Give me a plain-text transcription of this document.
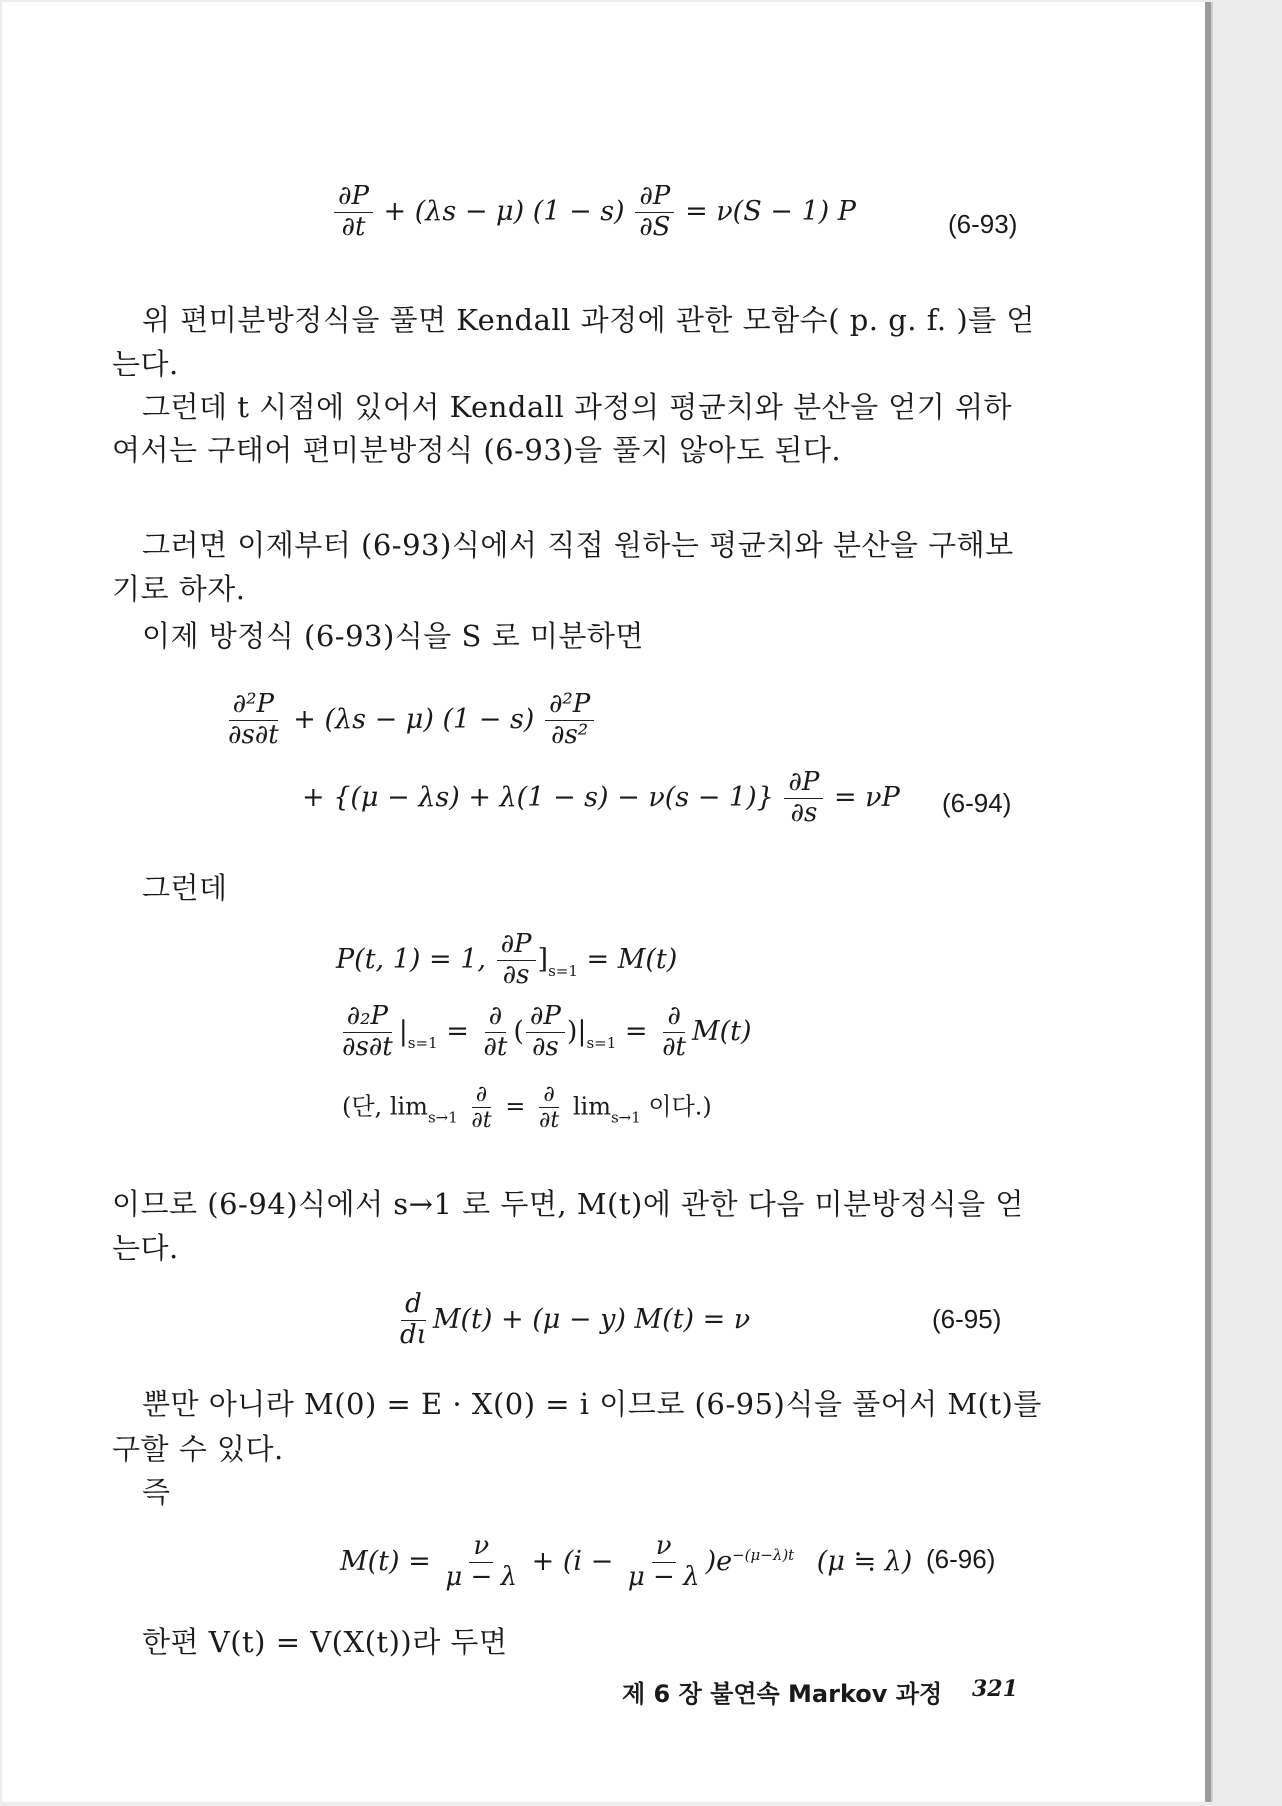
$\frac{\partial P}{\partial t} + (\lambda s - \mu) (1 - s) \frac{\partial P}{\partial S} = \nu(S - 1)$ P	(6-93)
위 편미분방정식을 풀면 Kendall 과정에 관한 모함수( p. g. f. )를 얻
는다.
그런데 t 시점에 있어서 Kendall 과정의 평균치와 분산을 얻기 위하
여서는 구태어 편미분방정식 (6-93)을 풀지 않아도 된다.
그러면 이제부터 (6-93)식에서 직접 원하는 평균치와 분산을 구해보
기로 하자.
이제 방정식 (6-93)식을 S 로 미분하면
$\frac{\text{∂²P}}{\partial s\partial t} + (\lambda s - \mu) (1 - s) \frac{\text{∂²P}}{\text{∂s²}}$
+ $\{(\mu - \lambda s) + \lambda(1 - s) - \nu(s - 1)\} \frac{\partial P}{\partial s} = \nu P$ (6-94)
그런데
P(t, 1) = 1, $\frac{\partial P}{\partial s} ]_{s=1} = M(t)$
$\frac{\text{∂₂P}}{\partial s\partial t} |_{s=1} = \frac{\partial}{\partial t}$ ( $\frac{\partial P}{\partial s} )|_{s=1} = \frac{\partial}{\partial t} M(t)$
(단, $\lim_{s\to 1} \frac{\partial}{\partial t} = \frac{\partial}{\partial t} \lim_{s\to 1}$ 이다.)
이므로 (6-94)식에서 s→1 로 두면, M(t)에 관한 다음 미분방정식을 얻
는다.
$\frac{d}{d\iota} M(t) + (\mu - y) M(t) = \nu$	(6-95)
뿐만 아니라 M(0) = E · X(0) = i 이므로 (6-95)식을 풀어서 M(t)를
구할 수 있다.
즉
$M(t) = \frac{\nu}{\mu - \lambda} + (i - \frac{\nu}{\mu - \lambda} )e^{-(\mu-\lambda)t}$ (μ ≒ λ) (6-96)
한편 V(t) = V(X(t))라 두면
제 6 장 불연속 Markov 과정 321
